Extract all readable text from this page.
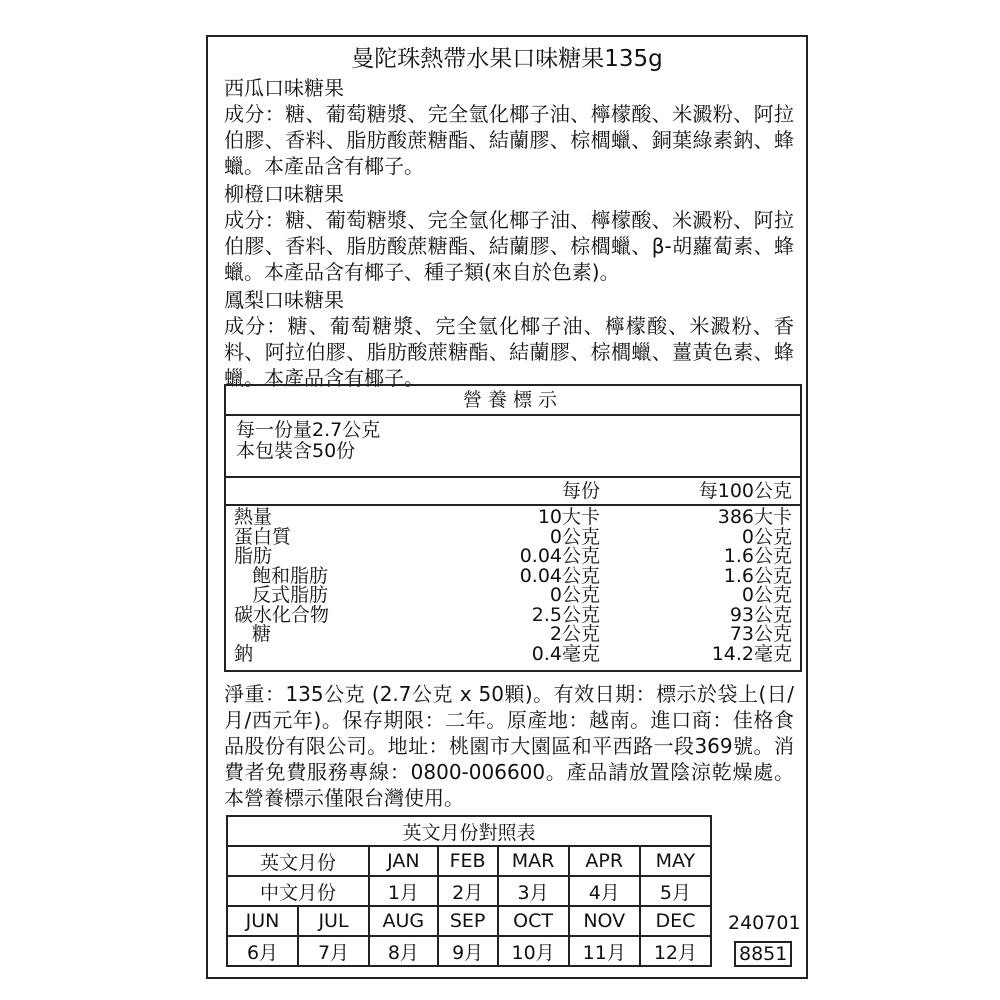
曼陀珠熱帶水果口味糖果135g
西瓜口味糖果
成分：糖、葡萄糖漿、完全氫化椰子油、檸檬酸、米澱粉、阿拉伯膠、香料、脂肪酸蔗糖酯、結蘭膠、棕櫚蠟、銅葉綠素鈉、蜂蠟。本產品含有椰子。
柳橙口味糖果
成分：糖、葡萄糖漿、完全氫化椰子油、檸檬酸、米澱粉、阿拉伯膠、香料、脂肪酸蔗糖酯、結蘭膠、棕櫚蠟、β-胡蘿蔔素、蜂蠟。本產品含有椰子、種子類(來自於色素)。
鳳梨口味糖果
成分：糖、葡萄糖漿、完全氫化椰子油、檸檬酸、米澱粉、香料、阿拉伯膠、脂肪酸蔗糖酯、結蘭膠、棕櫚蠟、薑黃色素、蜂蠟。本產品含有椰子。
營養標示
每一份量2.7公克
本包裝含50份
每份	每100公克
熱量	10大卡	386大卡
蛋白質	0公克	0公克
脂肪	0.04公克	1.6公克
飽和脂肪	0.04公克	1.6公克
反式脂肪	0公克	0公克
碳水化合物	2.5公克	93公克
糖	2公克	73公克
鈉	0.4毫克	14.2毫克
淨重：135公克 (2.7公克 x 50顆)。有效日期：標示於袋上(日/月/西元年)。保存期限：二年。原產地：越南。進口商：佳格食品股份有限公司。地址：桃園市大園區和平西路一段369號。消費者免費服務專線：0800-006600。產品請放置陰涼乾燥處。本營養標示僅限台灣使用。
英文月份對照表						
英文月份		JAN	FEB	MAR	APR	MAY
中文月份		1月	2月	3月	4月	5月
JUN	JUL	AUG	SEP	OCT	NOV	DEC
6月	7月	8月	9月	10月	11月	12月
240701
8851
